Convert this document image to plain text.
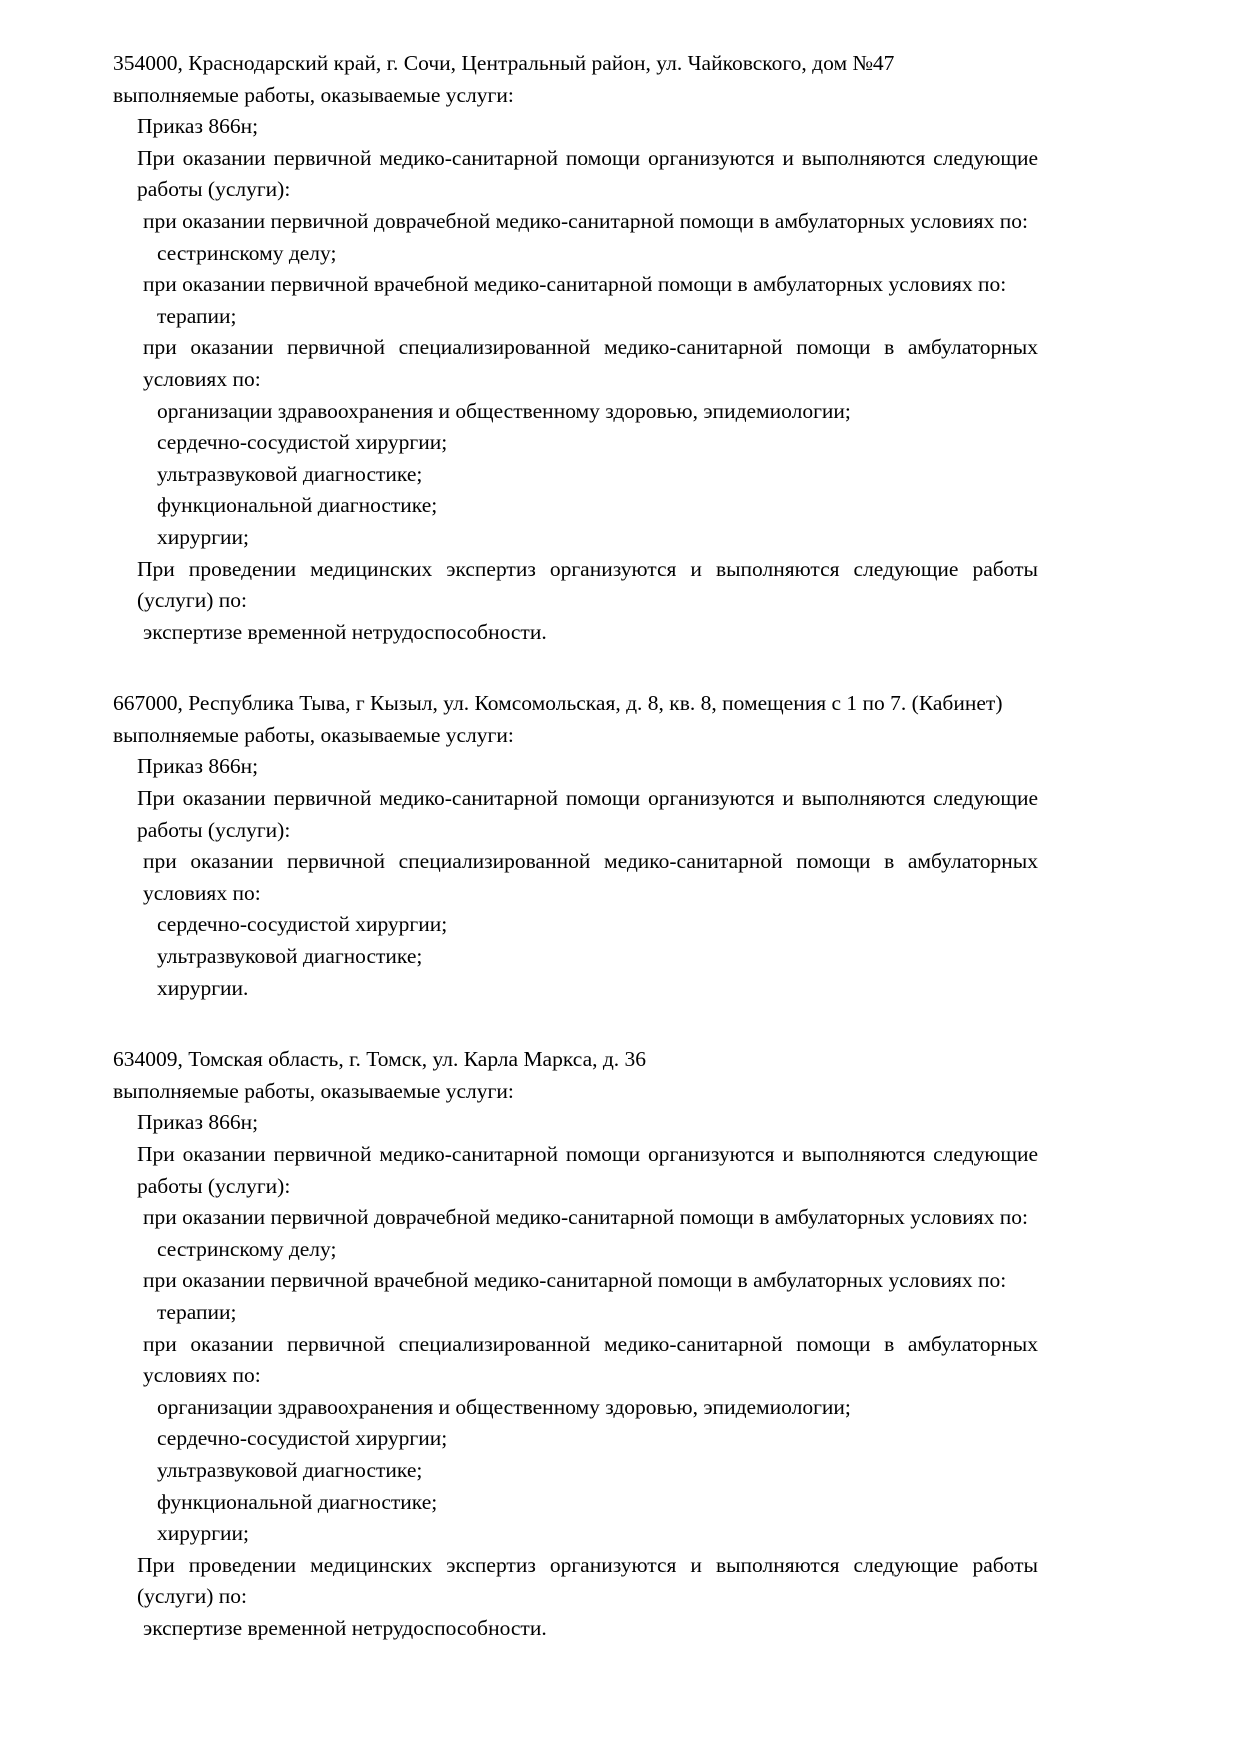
354000, Краснодарский край, г. Сочи, Центральный район, ул. Чайковского, дом №47

выполняемые работы, оказываемые услуги:

Приказ 866н;

При оказании первичной медико-санитарной помощи организуются и выполняются следующие работы (услуги):

при оказании первичной доврачебной медико-санитарной помощи в амбулаторных условиях по:

сестринскому делу;

при оказании первичной врачебной медико-санитарной помощи в амбулаторных условиях по:

терапии;

при оказании первичной специализированной медико-санитарной помощи в амбулаторных условиях по:

организации здравоохранения и общественному здоровью, эпидемиологии;

сердечно-сосудистой хирургии;

ультразвуковой диагностике;

функциональной диагностике;

хирургии;

При проведении медицинских экспертиз организуются и выполняются следующие работы (услуги) по:

экспертизе временной нетрудоспособности.

667000, Республика Тыва, г Кызыл, ул. Комсомольская, д. 8, кв. 8, помещения с 1 по 7. (Кабинет)

выполняемые работы, оказываемые услуги:

Приказ 866н;

При оказании первичной медико-санитарной помощи организуются и выполняются следующие работы (услуги):

при оказании первичной специализированной медико-санитарной помощи в амбулаторных условиях по:

сердечно-сосудистой хирургии;

ультразвуковой диагностике;

хирургии.

634009, Томская область, г. Томск, ул. Карла Маркса, д. 36

выполняемые работы, оказываемые услуги:

Приказ 866н;

При оказании первичной медико-санитарной помощи организуются и выполняются следующие работы (услуги):

при оказании первичной доврачебной медико-санитарной помощи в амбулаторных условиях по:

сестринскому делу;

при оказании первичной врачебной медико-санитарной помощи в амбулаторных условиях по:

терапии;

при оказании первичной специализированной медико-санитарной помощи в амбулаторных условиях по:

организации здравоохранения и общественному здоровью, эпидемиологии;

сердечно-сосудистой хирургии;

ультразвуковой диагностике;

функциональной диагностике;

хирургии;

При проведении медицинских экспертиз организуются и выполняются следующие работы (услуги) по:

экспертизе временной нетрудоспособности.
